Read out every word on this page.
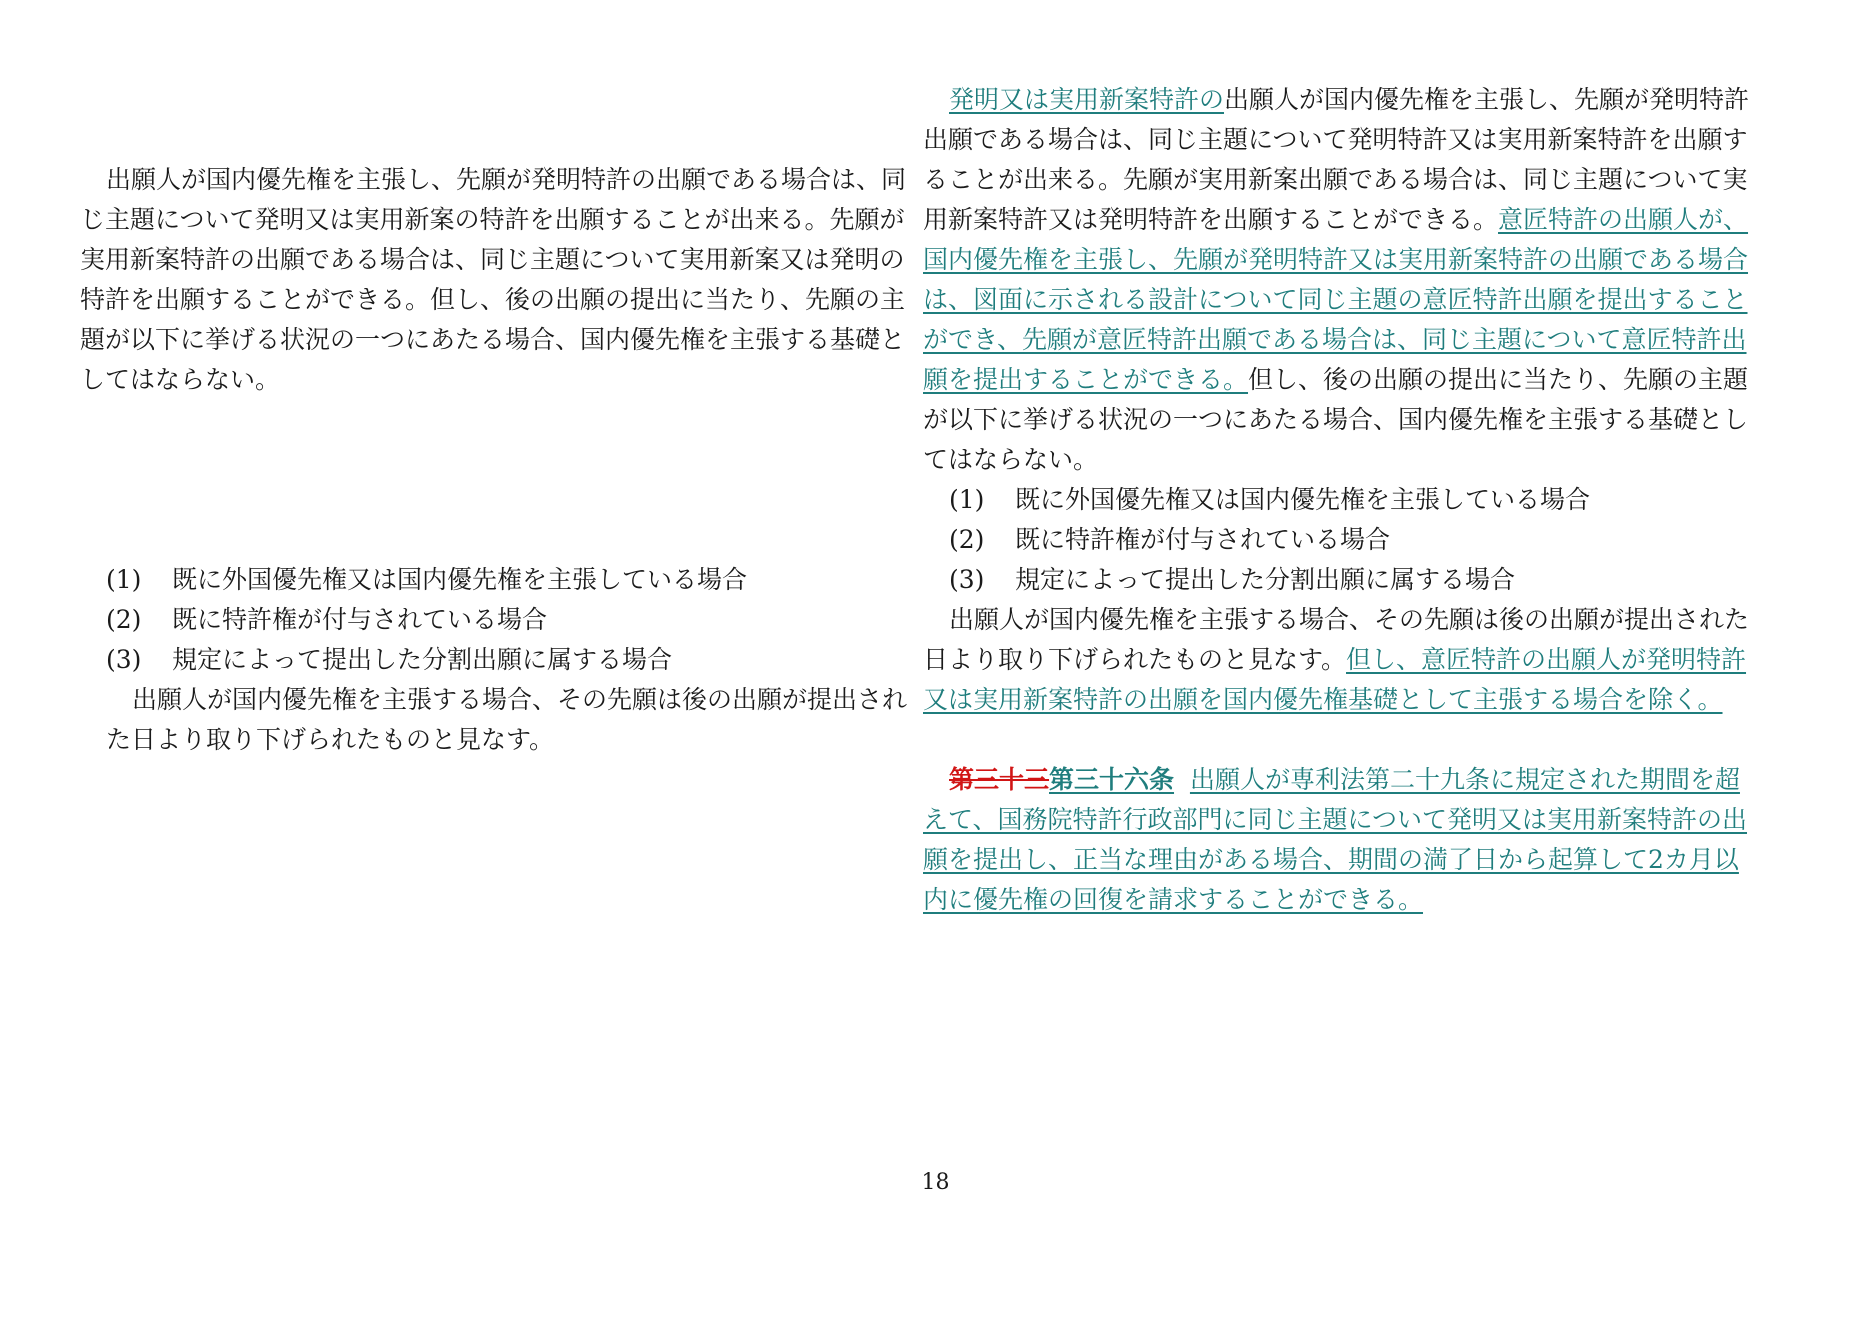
出願人が国内優先権を主張し、先願が発明特許の出願である場合は、同じ主題について発明又は実用新案の特許を出願することが出来る。先願が実用新案特許の出願である場合は、同じ主題について実用新案又は発明の特許を出願することができる。但し、後の出願の提出に当たり、先願の主題が以下に挙げる状況の一つにあたる場合、国内優先権を主張する基礎としてはならない。

(1) 既に外国優先権又は国内優先権を主張している場合

(2) 既に特許権が付与されている場合

(3) 規定によって提出した分割出願に属する場合

出願人が国内優先権を主張する場合、その先願は後の出願が提出された日より取り下げられたものと見なす。

発明又は実用新案特許の出願人が国内優先権を主張し、先願が発明特許出願である場合は、同じ主題について発明特許又は実用新案特許を出願することが出来る。先願が実用新案出願である場合は、同じ主題について実用新案特許又は発明特許を出願することができる。意匠特許の出願人が、国内優先権を主張し、先願が発明特許又は実用新案特許の出願である場合は、図面に示される設計について同じ主題の意匠特許出願を提出することができ、先願が意匠特許出願である場合は、同じ主題について意匠特許出願を提出することができる。但し、後の出願の提出に当たり、先願の主題が以下に挙げる状況の一つにあたる場合、国内優先権を主張する基礎としてはならない。

(1) 既に外国優先権又は国内優先権を主張している場合

(2) 既に特許権が付与されている場合

(3) 規定によって提出した分割出願に属する場合

出願人が国内優先権を主張する場合、その先願は後の出願が提出された日より取り下げられたものと見なす。但し、意匠特許の出願人が発明特許又は実用新案特許の出願を国内優先権基礎として主張する場合を除く。

第三十三第三十六条 出願人が専利法第二十九条に規定された期間を超えて、国務院特許行政部門に同じ主題について発明又は実用新案特許の出願を提出し、正当な理由がある場合、期間の満了日から起算して2カ月以内に優先権の回復を請求することができる。

18
